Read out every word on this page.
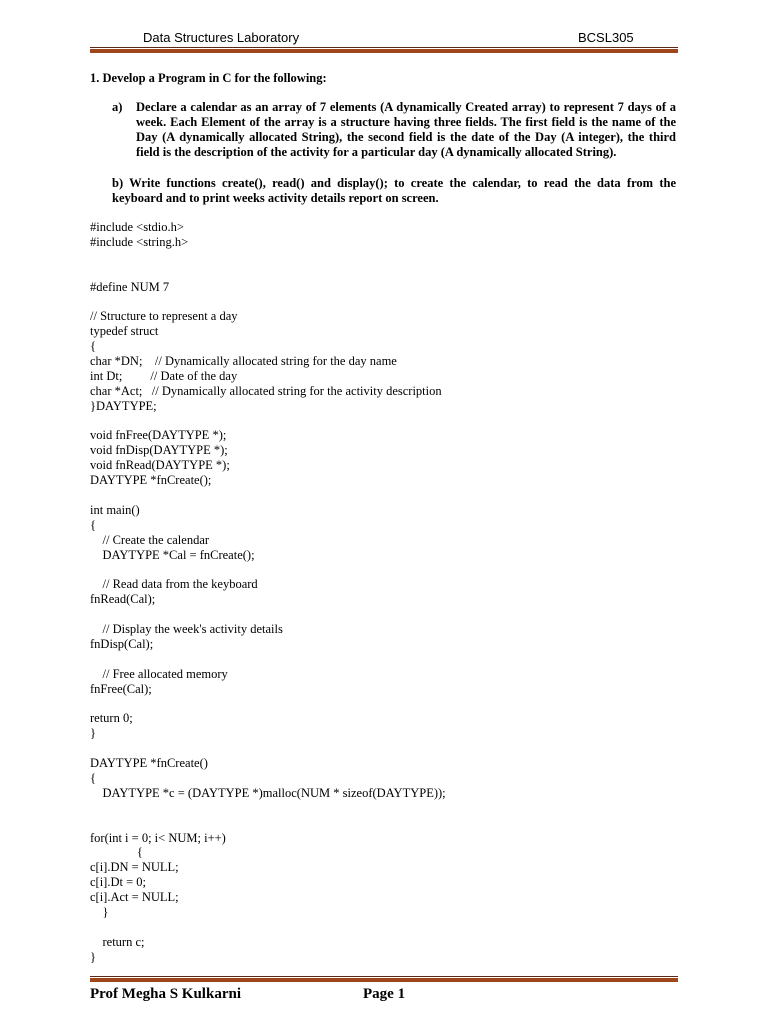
Data Structures Laboratory	BCSL305
1. Develop a Program in C for the following:
a) Declare a calendar as an array of 7 elements (A dynamically Created array) to represent 7 days of a week. Each Element of the array is a structure having three fields. The first field is the name of the Day (A dynamically allocated String), the second field is the date of the Day (A integer), the third field is the description of the activity for a particular day (A dynamically allocated String).
b) Write functions create(), read() and display(); to create the calendar, to read the data from the keyboard and to print weeks activity details report on screen.
#include <stdio.h>
#include <string.h>
#define NUM 7
// Structure to represent a day
typedef struct
{
char *DN;    // Dynamically allocated string for the day name
int Dt;         // Date of the day
char *Act;   // Dynamically allocated string for the activity description
}DAYTYPE;
void fnFree(DAYTYPE *);
void fnDisp(DAYTYPE *);
void fnRead(DAYTYPE *);
DAYTYPE *fnCreate();
int main()
{
// Create the calendar
DAYTYPE *Cal = fnCreate();
// Read data from the keyboard
fnRead(Cal);
// Display the week's activity details
fnDisp(Cal);
// Free allocated memory
fnFree(Cal);
return 0;
}
DAYTYPE *fnCreate()
{
DAYTYPE *c = (DAYTYPE *)malloc(NUM * sizeof(DAYTYPE));
for(int i = 0; i< NUM; i++)
{
c[i].DN = NULL;
c[i].Dt = 0;
c[i].Act = NULL;
}
return c;
}
Prof Megha S Kulkarni	Page 1
